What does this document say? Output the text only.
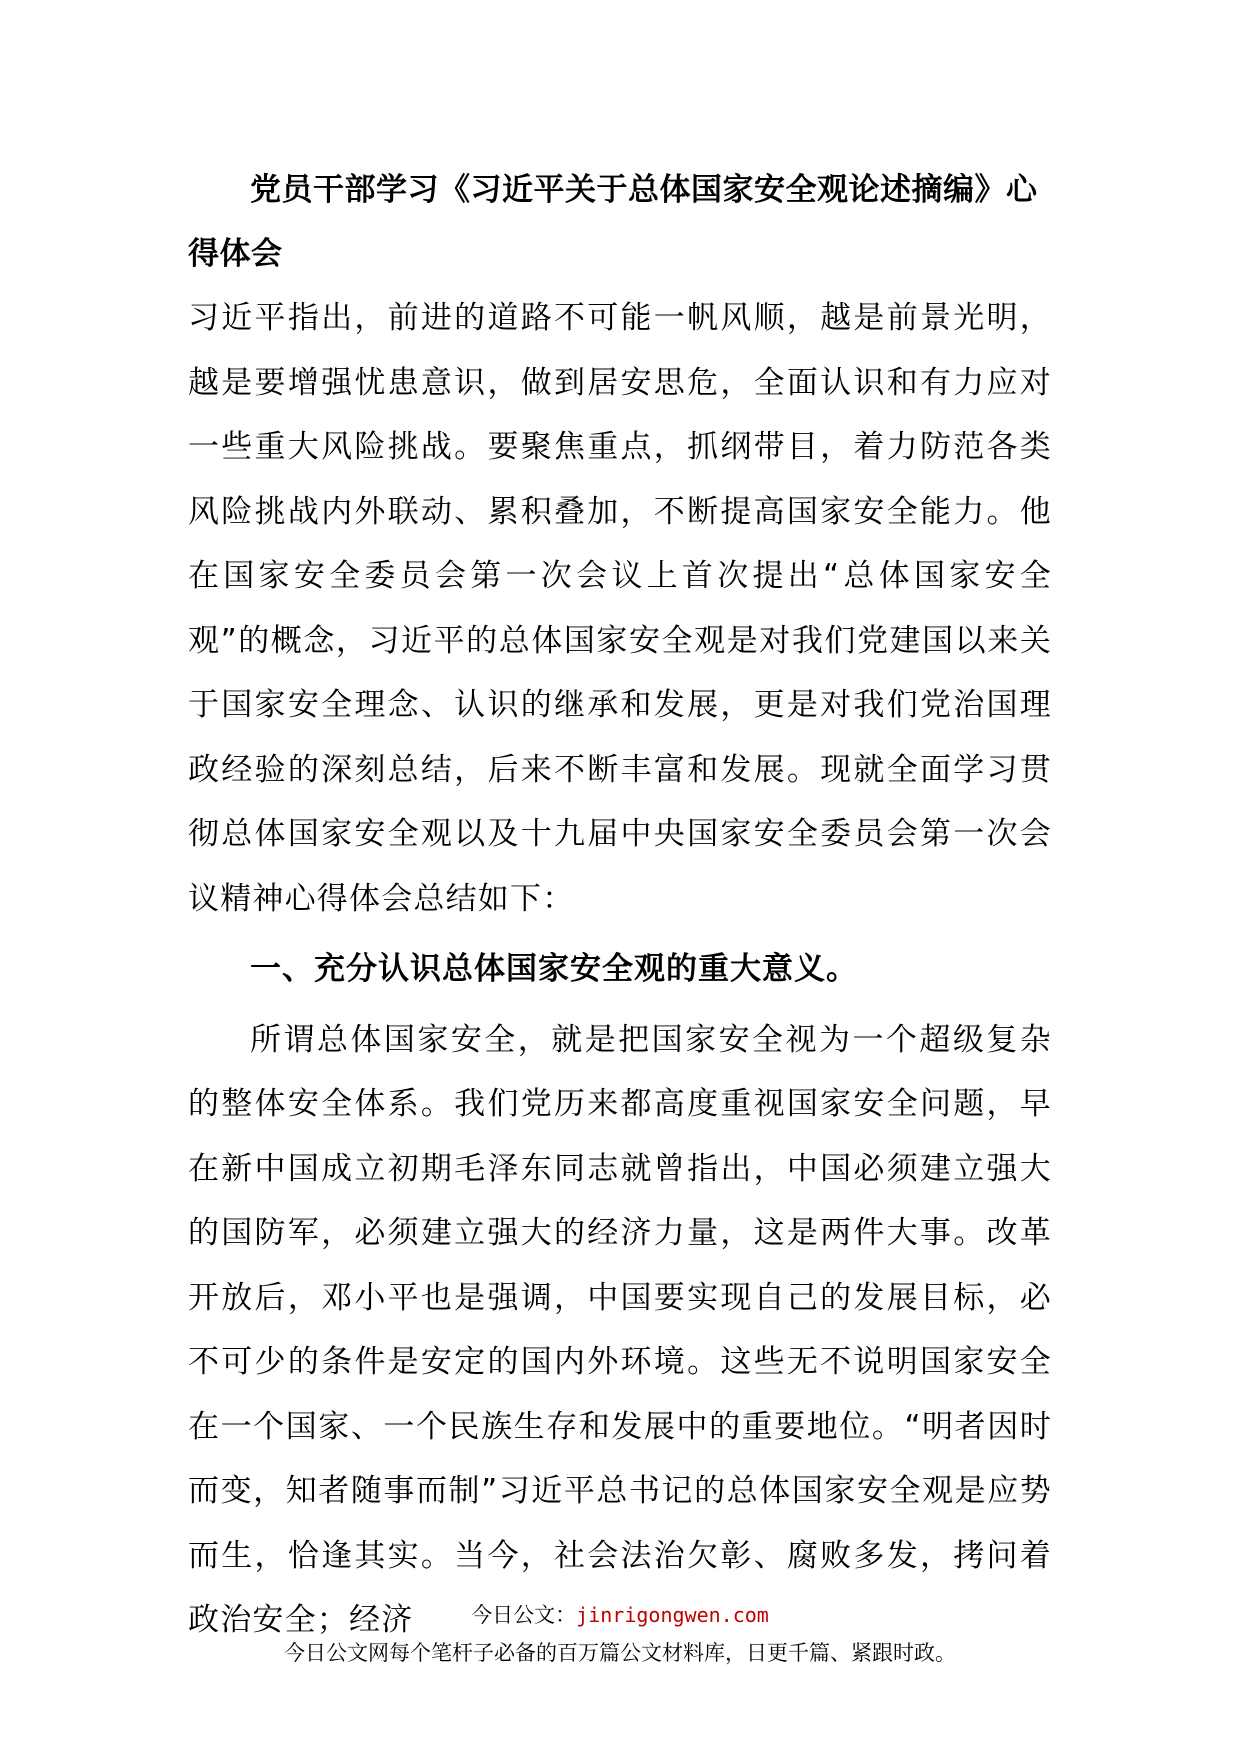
党员干部学习《习近平关于总体国家安全观论述摘编》心得体会

习近平指出，前进的道路不可能一帆风顺，越是前景光明，越是要增强忧患意识，做到居安思危，全面认识和有力应对一些重大风险挑战。要聚焦重点，抓纲带目，着力防范各类风险挑战内外联动、累积叠加，不断提高国家安全能力。他在国家安全委员会第一次会议上首次提出“总体国家安全观”的概念，习近平的总体国家安全观是对我们党建国以来关于国家安全理念、认识的继承和发展，更是对我们党治国理政经验的深刻总结，后来不断丰富和发展。现就全面学习贯彻总体国家安全观以及十九届中央国家安全委员会第一次会议精神心得体会总结如下：

一、充分认识总体国家安全观的重大意义。

所谓总体国家安全，就是把国家安全视为一个超级复杂的整体安全体系。我们党历来都高度重视国家安全问题，早在新中国成立初期毛泽东同志就曾指出，中国必须建立强大的国防军，必须建立强大的经济力量，这是两件大事。改革开放后，邓小平也是强调，中国要实现自己的发展目标，必不可少的条件是安定的国内外环境。这些无不说明国家安全在一个国家、一个民族生存和发展中的重要地位。“明者因时而变，知者随事而制”习近平总书记的总体国家安全观是应势而生，恰逢其实。当今，社会法治欠彰、腐败多发，拷问着政治安全；经济	今日公文：jinrigongwen.com
今日公文网每个笔杆子必备的百万篇公文材料库，日更千篇、紧跟时政。
